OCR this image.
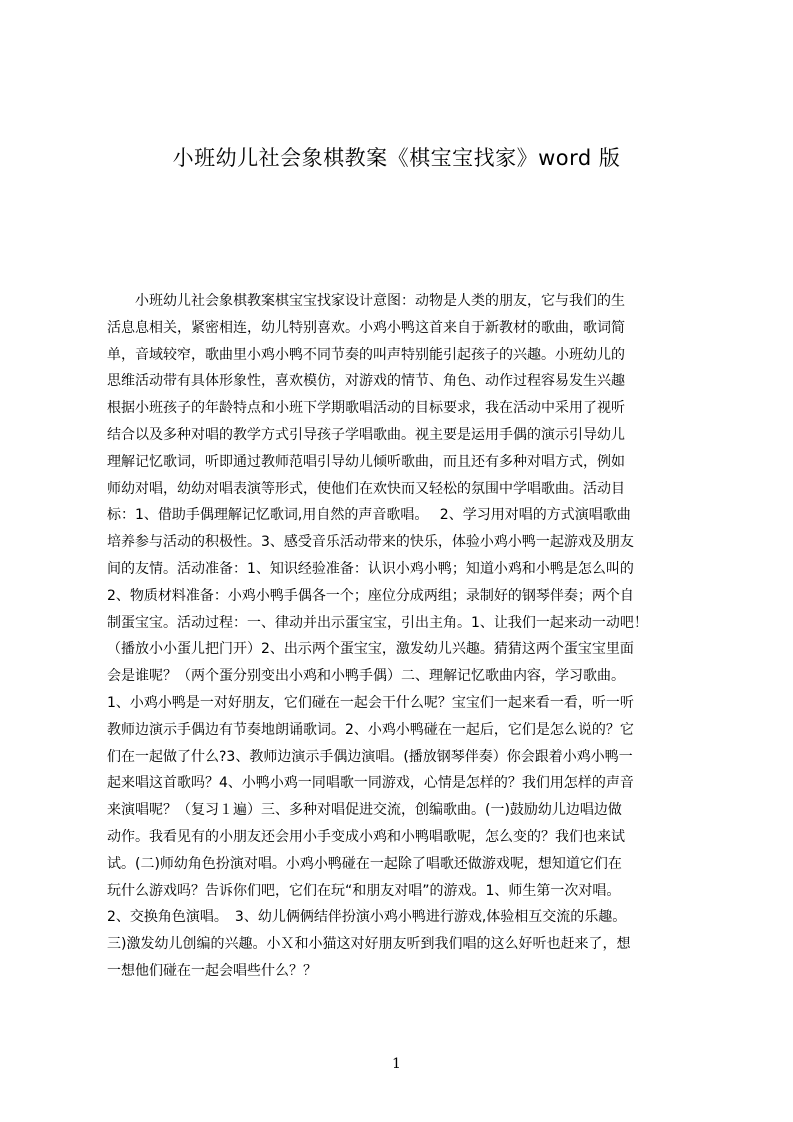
小班幼儿社会象棋教案《棋宝宝找家》word 版
　　小班幼儿社会象棋教案棋宝宝找家设计意图：动物是人类的朋友，它与我们的生
活息息相关，紧密相连，幼儿特别喜欢。小鸡小鸭这首来自于新教材的歌曲，歌词简
单，音域较窄，歌曲里小鸡小鸭不同节奏的叫声特别能引起孩子的兴趣。小班幼儿的
思维活动带有具体形象性，喜欢模仿，对游戏的情节、角色、动作过程容易发生兴趣
根据小班孩子的年龄特点和小班下学期歌唱活动的目标要求，我在活动中采用了视听
结合以及多种对唱的教学方式引导孩子学唱歌曲。视主要是运用手偶的演示引导幼儿
理解记忆歌词，听即通过教师范唱引导幼儿倾听歌曲，而且还有多种对唱方式，例如
师幼对唱，幼幼对唱表演等形式，使他们在欢快而又轻松的氛围中学唱歌曲。活动目
标：1、借助手偶理解记忆歌词,用自然的声音歌唱。　 2、学习用对唱的方式演唱歌曲
培养参与活动的积极性。3、感受音乐活动带来的快乐，体验小鸡小鸭一起游戏及朋友
间的友情。活动准备：1、知识经验准备：认识小鸡小鸭；知道小鸡和小鸭是怎么叫的
2、物质材料准备：小鸡小鸭手偶各一个；座位分成两组；录制好的钢琴伴奏；两个自
制蛋宝宝。活动过程：一、律动并出示蛋宝宝，引出主角。1、让我们一起来动一动吧！
（播放小小蛋儿把门开）2、出示两个蛋宝宝，激发幼儿兴趣。猜猜这两个蛋宝宝里面
会是谁呢？（两个蛋分别变出小鸡和小鸭手偶）二、理解记忆歌曲内容，学习歌曲。
1、小鸡小鸭是一对好朋友，它们碰在一起会干什么呢？宝宝们一起来看一看，听一听
教师边演示手偶边有节奏地朗诵歌词。2、小鸡小鸭碰在一起后，它们是怎么说的？它
们在一起做了什么?3、教师边演示手偶边演唱。(播放钢琴伴奏）你会跟着小鸡小鸭一
起来唱这首歌吗？4、小鸭小鸡一同唱歌一同游戏，心情是怎样的？我们用怎样的声音
来演唱呢？（复习１遍）三、多种对唱促进交流，创编歌曲。(一)鼓励幼儿边唱边做
动作。我看见有的小朋友还会用小手变成小鸡和小鸭唱歌呢，怎么变的？我们也来试
试。(二)师幼角色扮演对唱。小鸡小鸭碰在一起除了唱歌还做游戏呢，想知道它们在
玩什么游戏吗？告诉你们吧，它们在玩“和朋友对唱”的游戏。1、师生第一次对唱。
2、交换角色演唱。　3、幼儿俩俩结伴扮演小鸡小鸭进行游戏,体验相互交流的乐趣。
三)激发幼儿创编的兴趣。小Ｘ和小猫这对好朋友听到我们唱的这么好听也赶来了，想
一想他们碰在一起会唱些什么？？
1
